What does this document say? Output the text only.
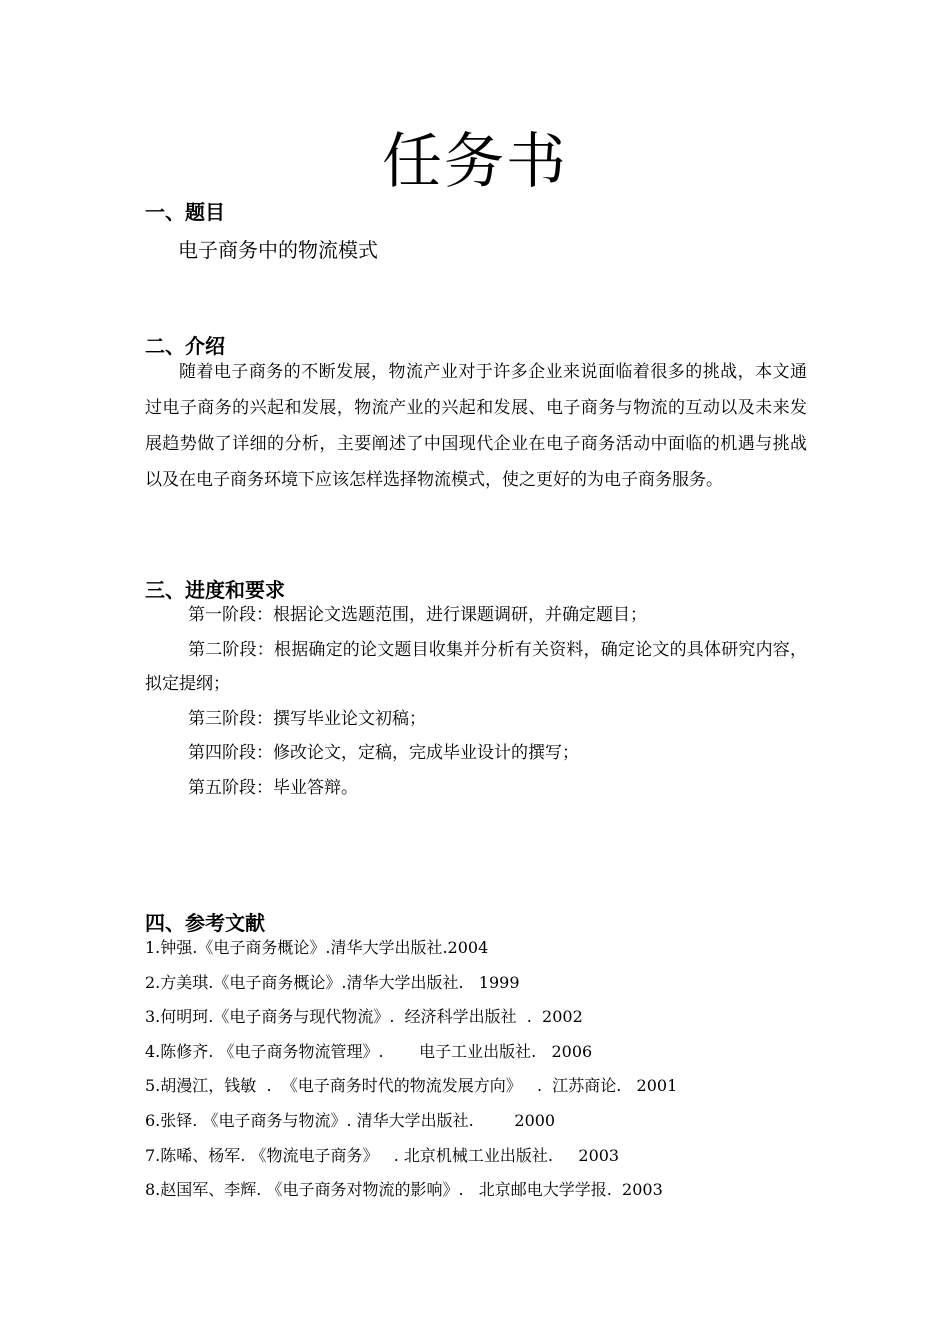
任务书
一、题目
电子商务中的物流模式
二、介绍
随着电子商务的不断发展，物流产业对于许多企业来说面临着很多的挑战，本文通过电子商务的兴起和发展，物流产业的兴起和发展、电子商务与物流的互动以及未来发展趋势做了详细的分析，主要阐述了中国现代企业在电子商务活动中面临的机遇与挑战以及在电子商务环境下应该怎样选择物流模式，使之更好的为电子商务服务。
三、进度和要求
第一阶段：根据论文选题范围，进行课题调研，并确定题目；
第二阶段：根据确定的论文题目收集并分析有关资料，确定论文的具体研究内容，拟定提纲；
第三阶段：撰写毕业论文初稿；
第四阶段：修改论文，定稿，完成毕业设计的撰写；
第五阶段：毕业答辩。
四、参考文献
1.钟强.《电子商务概论》.清华大学出版社.2004
2.方美琪.《电子商务概论》.清华大学出版社.   1999
3.何明珂.《电子商务与现代物流》.  经济科学出版社  .  2002
4.陈修齐. 《电子商务物流管理》.       电子工业出版社.   2006
5.胡漫江，钱敏  .  《电子商务时代的物流发展方向》   .  江苏商论.   2001
6.张铎. 《电子商务与物流》. 清华大学出版社.        2000
7.陈唏、杨军. 《物流电子商务》   . 北京机械工业出版社.     2003
8.赵国军、李辉. 《电子商务对物流的影响》.   北京邮电大学学报.  2003
